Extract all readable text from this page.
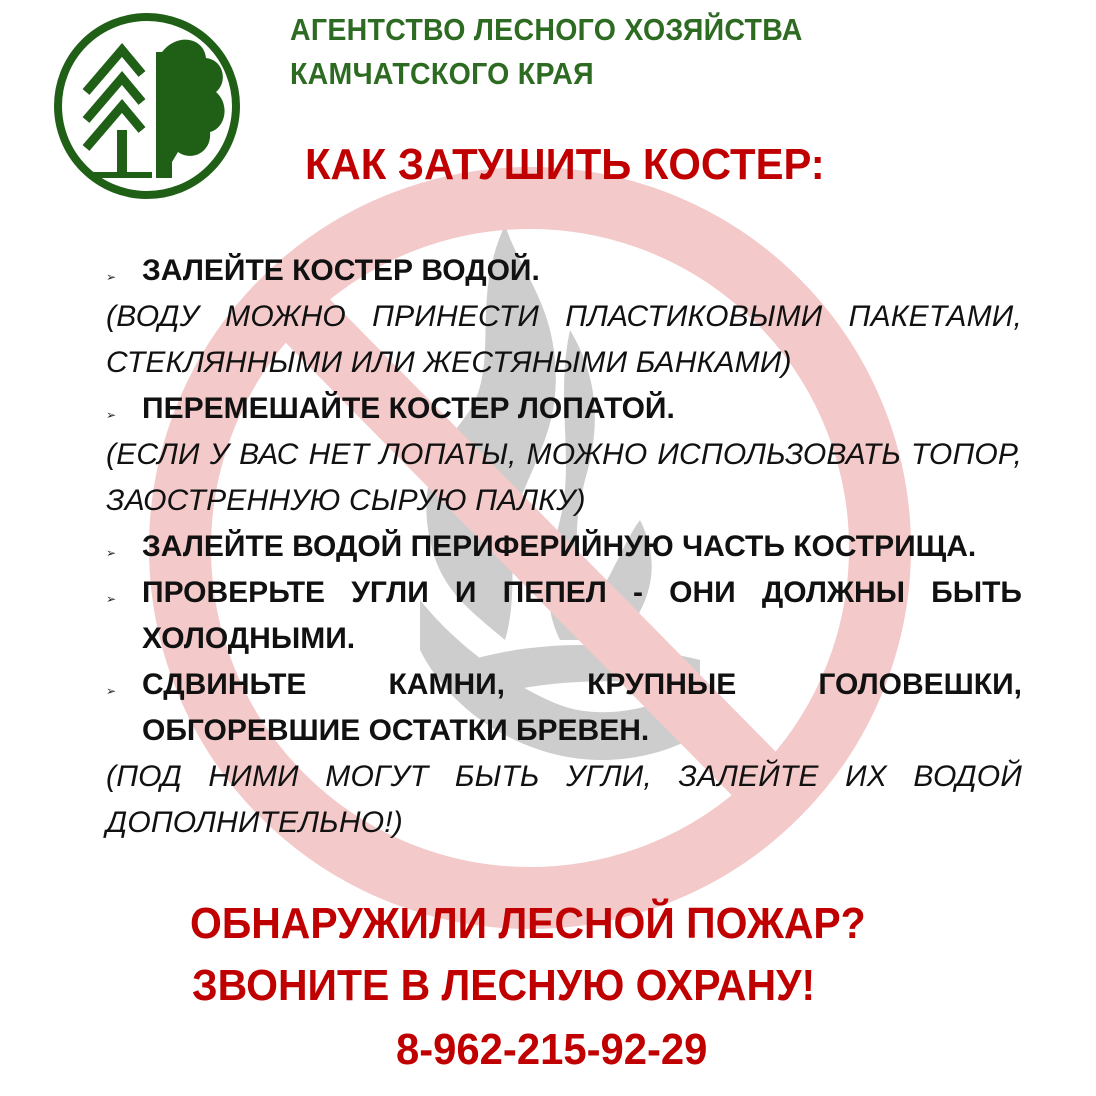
АГЕНТСТВО ЛЕСНОГО ХОЗЯЙСТВА
КАМЧАТСКОГО КРАЯ
КАК ЗАТУШИТЬ КОСТЕР:
➢ ЗАЛЕЙТЕ КОСТЕР ВОДОЙ.
(ВОДУ МОЖНО ПРИНЕСТИ ПЛАСТИКОВЫМИ ПАКЕТАМИ, СТЕКЛЯННЫМИ ИЛИ ЖЕСТЯНЫМИ БАНКАМИ)
➢ ПЕРЕМЕШАЙТЕ КОСТЕР ЛОПАТОЙ.
(ЕСЛИ У ВАС НЕТ ЛОПАТЫ, МОЖНО ИСПОЛЬЗОВАТЬ ТОПОР, ЗАОСТРЕННУЮ СЫРУЮ ПАЛКУ)
➢ ЗАЛЕЙТЕ ВОДОЙ ПЕРИФЕРИЙНУЮ ЧАСТЬ КОСТРИЩА.
➢ ПРОВЕРЬТЕ УГЛИ И ПЕПЕЛ - ОНИ ДОЛЖНЫ БЫТЬ ХОЛОДНЫМИ.
➢ СДВИНЬТЕ КАМНИ, КРУПНЫЕ ГОЛОВЕШКИ, ОБГОРЕВШИЕ ОСТАТКИ БРЕВЕН.
(ПОД НИМИ МОГУТ БЫТЬ УГЛИ, ЗАЛЕЙТЕ ИХ ВОДОЙ ДОПОЛНИТЕЛЬНО!)
ОБНАРУЖИЛИ ЛЕСНОЙ ПОЖАР?
ЗВОНИТЕ В ЛЕСНУЮ ОХРАНУ!
8-962-215-92-29
